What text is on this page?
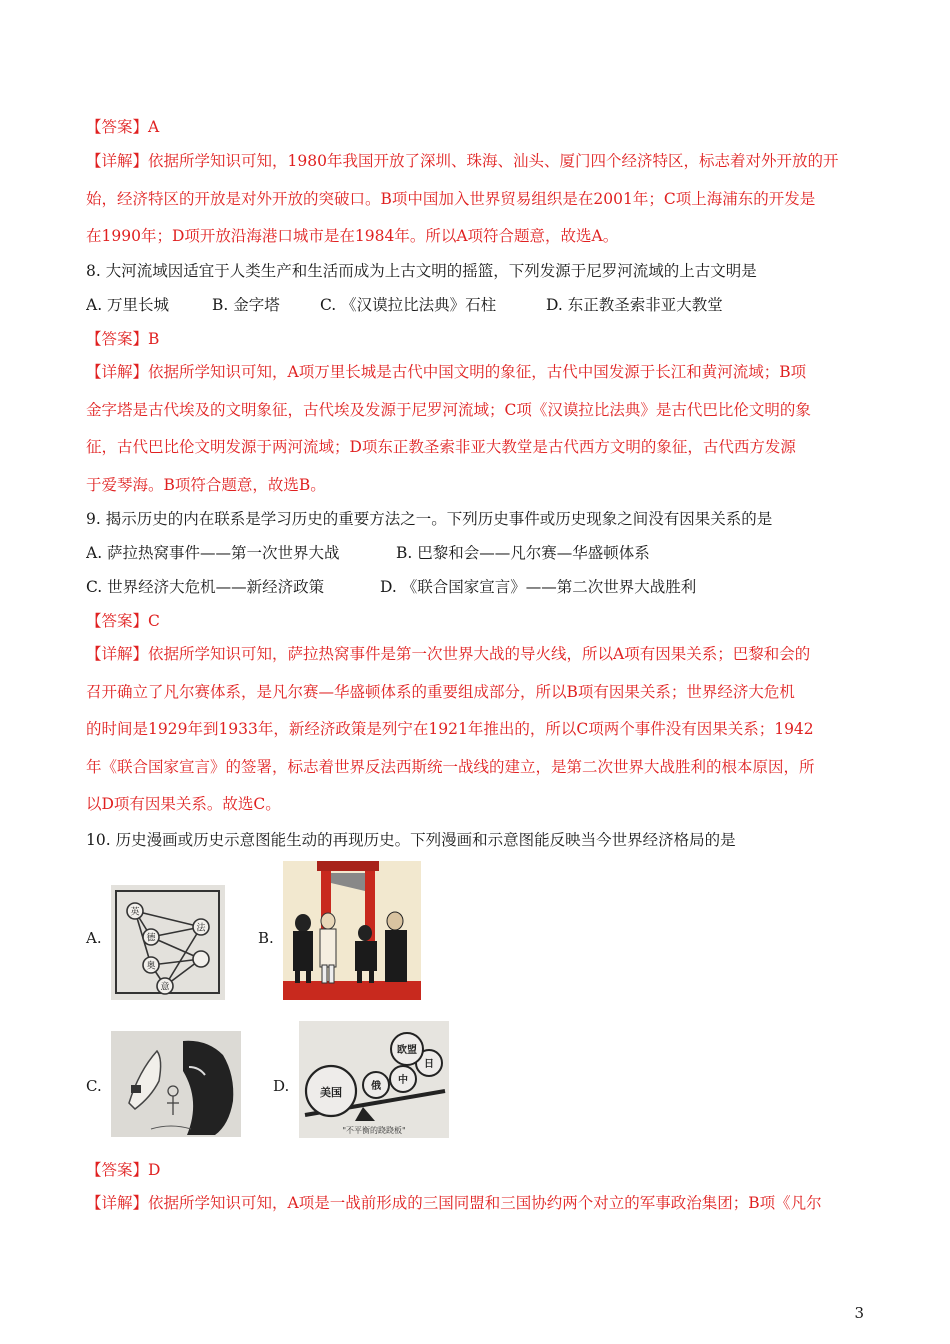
【答案】A
【详解】依据所学知识可知，1980年我国开放了深圳、珠海、汕头、厦门四个经济特区，标志着对外开放的开
始，经济特区的开放是对外开放的突破口。B项中国加入世界贸易组织是在2001年；C项上海浦东的开发是
在1990年；D项开放沿海港口城市是在1984年。所以A项符合题意，故选A。
8. 大河流域因适宜于人类生产和生活而成为上古文明的摇篮，下列发源于尼罗河流域的上古文明是
A. 万里长城	B. 金字塔	C. 《汉谟拉比法典》石柱	D. 东正教圣索非亚大教堂
【答案】B
【详解】依据所学知识可知，A项万里长城是古代中国文明的象征，古代中国发源于长江和黄河流域；B项
金字塔是古代埃及的文明象征，古代埃及发源于尼罗河流域；C项《汉谟拉比法典》是古代巴比伦文明的象
征，古代巴比伦文明发源于两河流域；D项东正教圣索非亚大教堂是古代西方文明的象征，古代西方发源
于爱琴海。B项符合题意，故选B。
9. 揭示历史的内在联系是学习历史的重要方法之一。下列历史事件或历史现象之间没有因果关系的是
A. 萨拉热窝事件——第一次世界大战	B. 巴黎和会——凡尔赛—华盛顿体系
C. 世界经济大危机——新经济政策	D. 《联合国家宣言》——第二次世界大战胜利
【答案】C
【详解】依据所学知识可知，萨拉热窝事件是第一次世界大战的导火线，所以A项有因果关系；巴黎和会的
召开确立了凡尔赛体系，是凡尔赛—华盛顿体系的重要组成部分，所以B项有因果关系；世界经济大危机
的时间是1929年到1933年，新经济政策是列宁在1921年推出的，所以C项两个事件没有因果关系；1942
年《联合国家宣言》的签署，标志着世界反法西斯统一战线的建立，是第二次世界大战胜利的根本原因，所
以D项有因果关系。故选C。
10. 历史漫画或历史示意图能生动的再现历史。下列漫画和示意图能反映当今世界经济格局的是
A.
英
德
法
奥
意
B.
C.	D.	美国	俄
中
日
欧盟
"不平衡的跷跷板"
【答案】D
【详解】依据所学知识可知，A项是一战前形成的三国同盟和三国协约两个对立的军事政治集团；B项《凡尔
3
